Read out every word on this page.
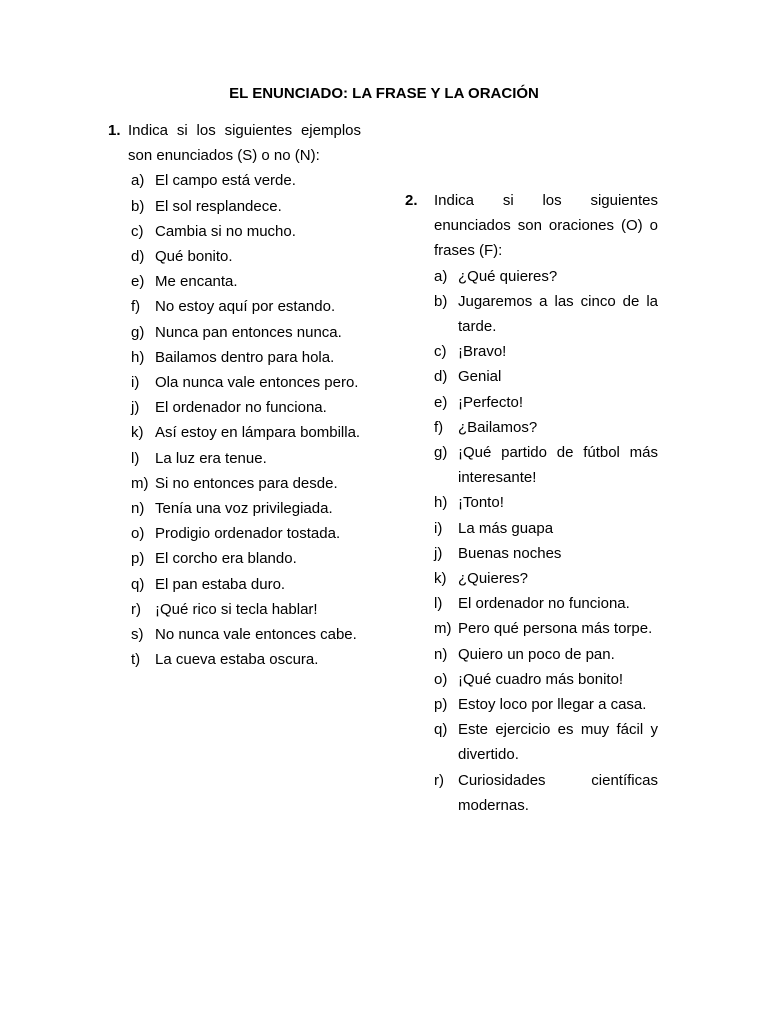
EL ENUNCIADO: LA FRASE Y LA ORACIÓN
1. Indica si los siguientes ejemplos son enunciados (S) o no (N):
a) El campo está verde.
b) El sol resplandece.
c) Cambia si no mucho.
d) Qué bonito.
e) Me encanta.
f) No estoy aquí por estando.
g) Nunca pan entonces nunca.
h) Bailamos dentro para hola.
i)	Ola nunca vale entonces pero.
j)	El ordenador no funciona.
k) Así estoy en lámpara bombilla.
l)	La luz era tenue.
m) Si no entonces para desde.
n) Tenía una voz privilegiada.
o) Prodigio ordenador tostada.
p) El corcho era blando.
q) El pan estaba duro.
r) ¡Qué rico si tecla hablar!
s) No nunca vale entonces cabe.
t) La cueva estaba oscura.
2.	Indica si los siguientes enunciados son oraciones (O) o frases (F):
a) ¿Qué quieres?
b) Jugaremos a las cinco de la tarde.
c) ¡Bravo!
d) Genial
e) ¡Perfecto!
f) ¿Bailamos?
g) ¡Qué partido de fútbol más interesante!
h) ¡Tonto!
i)	La más guapa
j)	Buenas noches
k) ¿Quieres?
l)	El ordenador no funciona.
m) Pero qué persona más torpe.
n) Quiero un poco de pan.
o) ¡Qué cuadro más bonito!
p) Estoy loco por llegar a casa.
q) Este ejercicio es muy fácil y divertido.
r) Curiosidades científicas modernas.
